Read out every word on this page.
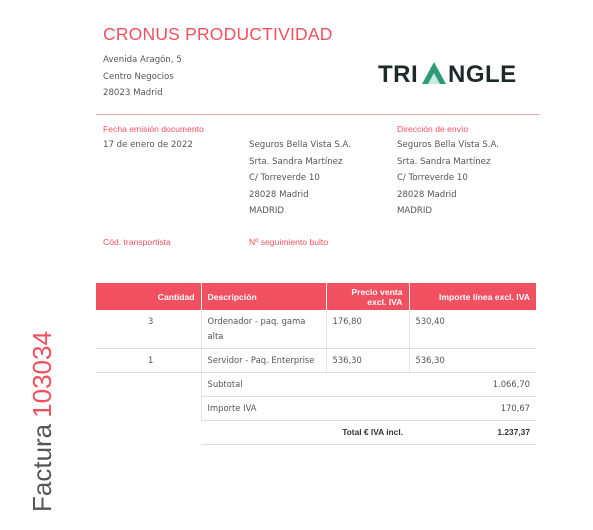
CRONUS PRODUCTIVIDAD
Avenida Aragón, 5
Centro Negocios
28023 Madrid
TRI NGLE
Fecha emisión documento
17 de enero de 2022	Seguros Bella Vista S.A.
Srta. Sandra Martínez
C/ Torreverde 10
28028 Madrid
MADRID
Dirección de envío
Seguros Bella Vista S.A.
Srta. Sandra Martínez
C/ Torreverde 10
28028 Madrid
MADRID
Cód. transportista	Nº seguimiento bulto
Factura103034
Cantidad	Descripción	Precio venta excl. IVA	Importe línea excl. IVA
3	Ordenador - paq. gama alta	176,80	530,40
1	Servidor - Paq. Enterprise	536,30	536,30
	Subtotal		1.066,70
	Importe IVA		170,67
	Total € IVA incl.		1.237,37
